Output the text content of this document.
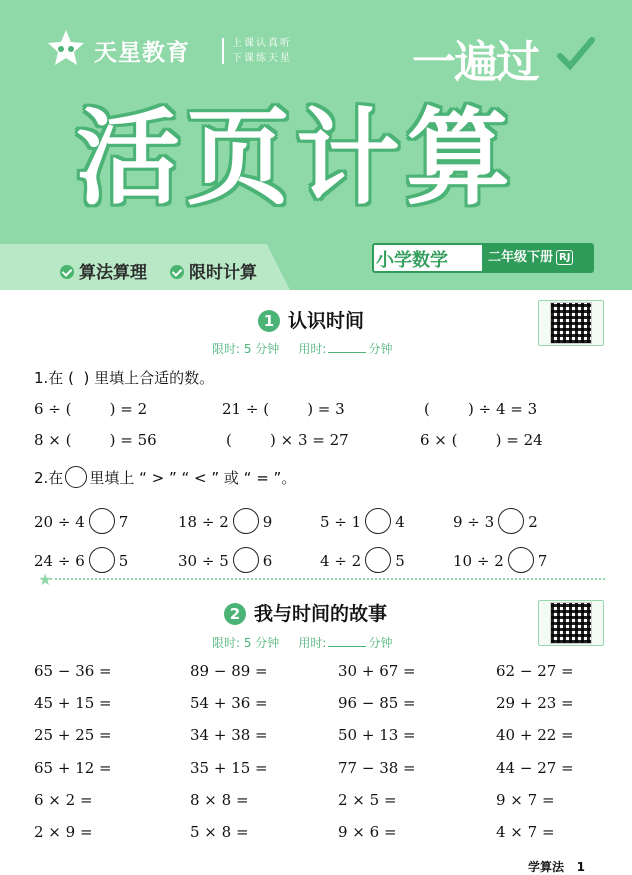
天星教育	上课认真听
下课练天星	一遍过
活页计算
算法算理	限时计算
小学数学	二年级下册 RJ
1 认识时间
限时: 5 分钟 用时:	分钟
1.在 ( ) 里填上合适的数。
6 ÷ (        ) = 2	21 ÷ (        ) = 3	(        ) ÷ 4 = 3
8 × (        ) = 56	(        ) × 3 = 27	6 × (        ) = 24
2.在 里填上 “ > ” “ < ” 或 “ = ”。
20 ÷ 4 7	18 ÷ 2 9	5 ÷ 1 4	9 ÷ 3 2
24 ÷ 6 5	30 ÷ 5 6	4 ÷ 2 5	10 ÷ 2 7
★
2 我与时间的故事
限时: 5 分钟 用时:	分钟
65 − 36 =	89 − 89 =	30 + 67 =	62 − 27 =
45 + 15 =	54 + 36 =	96 − 85 =	29 + 23 =
25 + 25 =	34 + 38 =	50 + 13 =	40 + 22 =
65 + 12 =	35 + 15 =	77 − 38 =	44 − 27 =
6 × 2 =	8 × 8 =	2 × 5 =	9 × 7 =
2 × 9 =	5 × 8 =	9 × 6 =	4 × 7 =
学算法 1
